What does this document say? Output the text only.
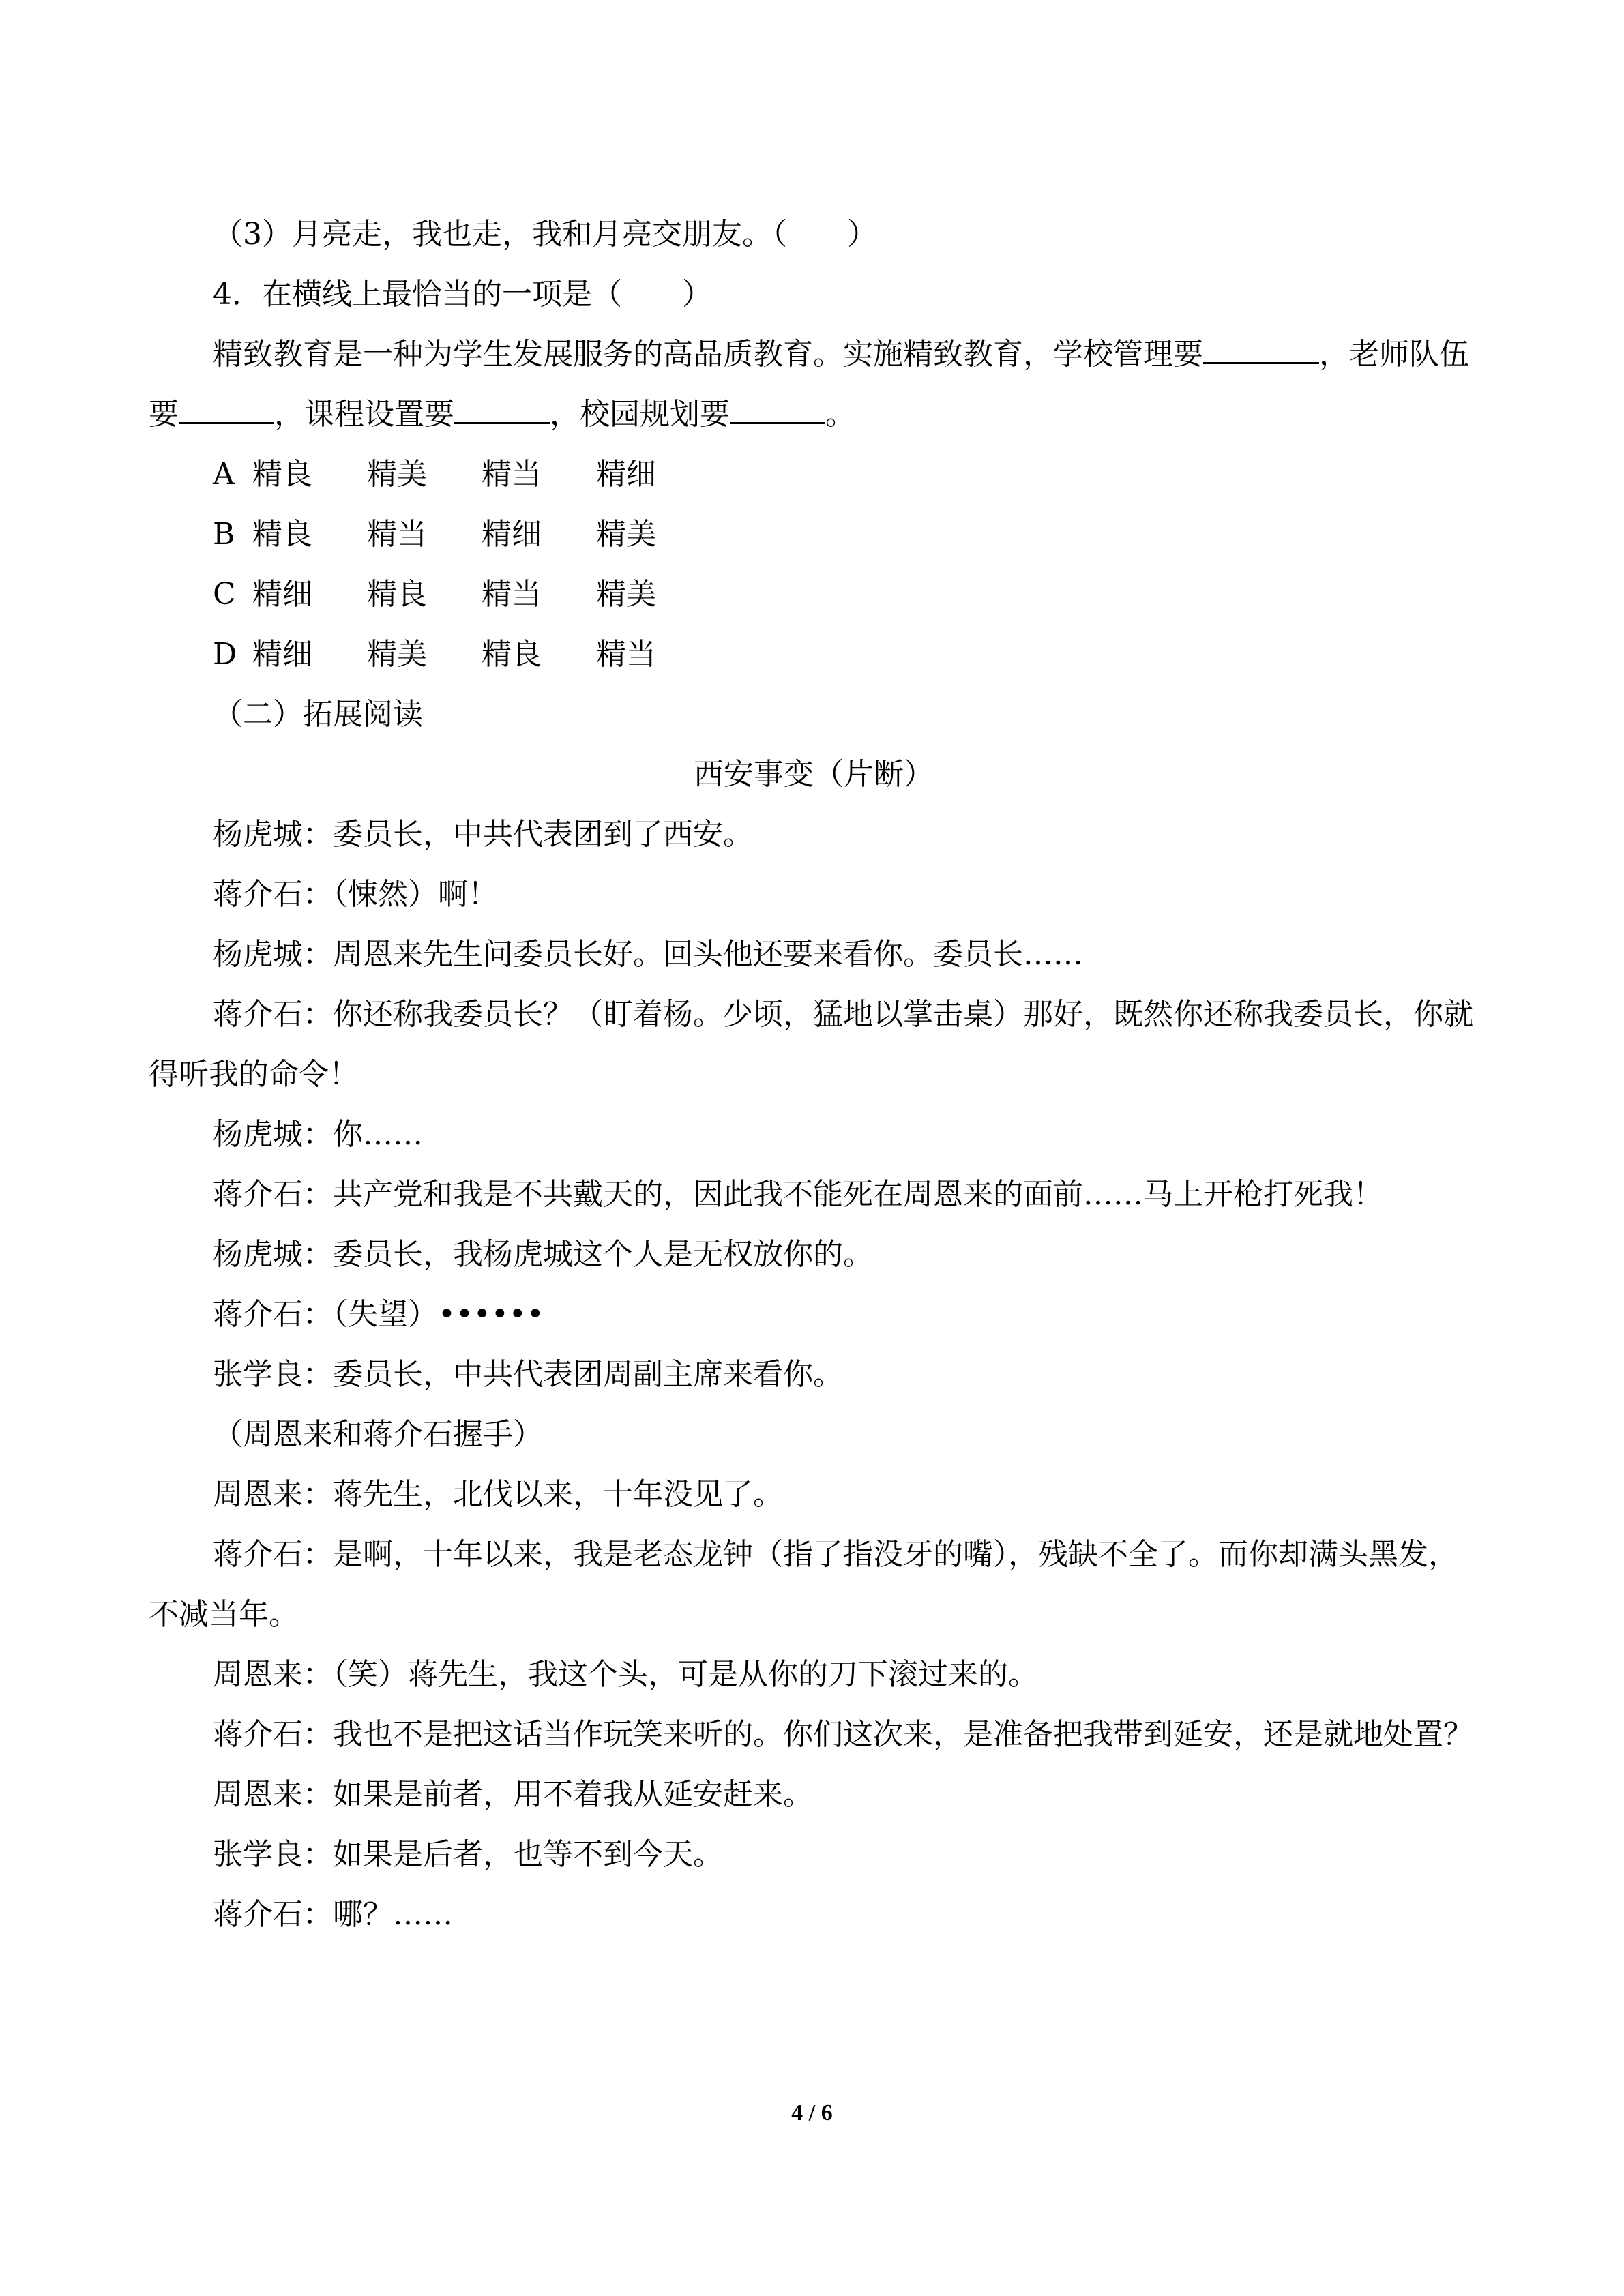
（3）月亮走，我也走，我和月亮交朋友。（　　）
4．在横线上最恰当的一项是（　　）
精致教育是一种为学生发展服务的高品质教育。实施精致教育，学校管理要	，老师队伍要	，课程设置要	，校园规划要	。
A 精良 精美 精当 精细
B 精良 精当 精细 精美
C 精细 精良 精当 精美
D 精细 精美 精良 精当
（二）拓展阅读
西安事变（片断）
杨虎城：委员长，中共代表团到了西安。
蒋介石：（悚然）啊！
杨虎城：周恩来先生问委员长好。回头他还要来看你。委员长……
蒋介石：你还称我委员长？（盯着杨。少顷，猛地以掌击桌）那好，既然你还称我委员长，你就得听我的命令！
杨虎城：你……
蒋介石：共产党和我是不共戴天的，因此我不能死在周恩来的面前……马上开枪打死我！
杨虎城：委员长，我杨虎城这个人是无权放你的。
蒋介石：（失望）••••••
张学良：委员长，中共代表团周副主席来看你。
（周恩来和蒋介石握手）
周恩来：蒋先生，北伐以来，十年没见了。
蒋介石：是啊，十年以来，我是老态龙钟（指了指没牙的嘴），残缺不全了。而你却满头黑发，不减当年。
周恩来：（笑）蒋先生，我这个头，可是从你的刀下滚过来的。
蒋介石：我也不是把这话当作玩笑来听的。你们这次来，是准备把我带到延安，还是就地处置？
周恩来：如果是前者，用不着我从延安赶来。
张学良：如果是后者，也等不到今天。
蒋介石：哪？……
4 / 6
